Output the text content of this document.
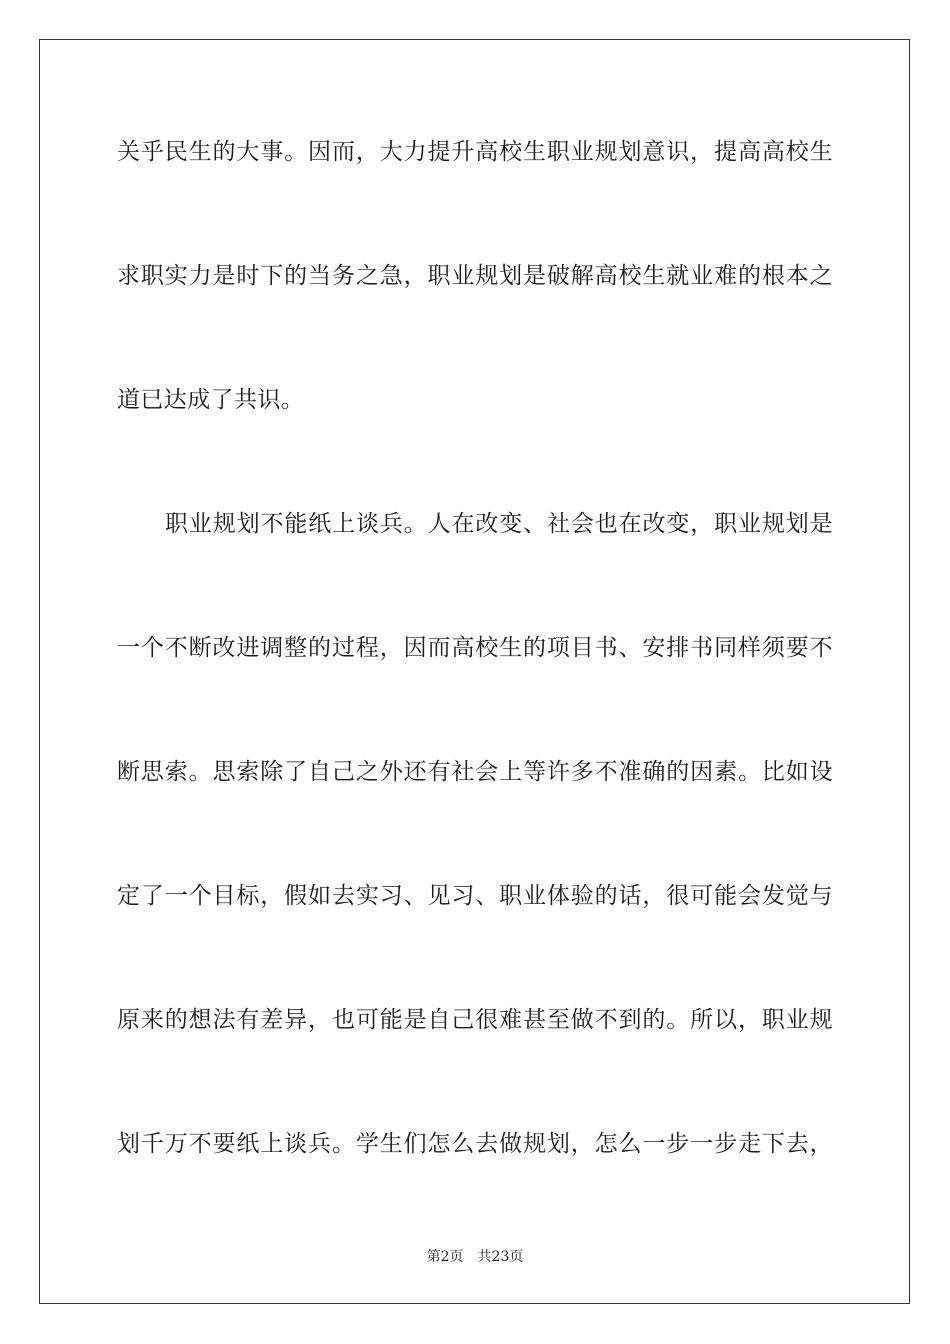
关乎民生的大事。因而，大力提升高校生职业规划意识，提高高校生
求职实力是时下的当务之急，职业规划是破解高校生就业难的根本之
道已达成了共识。
职业规划不能纸上谈兵。人在改变、社会也在改变，职业规划是
一个不断改进调整的过程，因而高校生的项目书、安排书同样须要不
断思索。思索除了自己之外还有社会上等许多不准确的因素。比如设
定了一个目标，假如去实习、见习、职业体验的话，很可能会发觉与
原来的想法有差异，也可能是自己很难甚至做不到的。所以，职业规
划千万不要纸上谈兵。学生们怎么去做规划，怎么一步一步走下去，
第2页 共23页
